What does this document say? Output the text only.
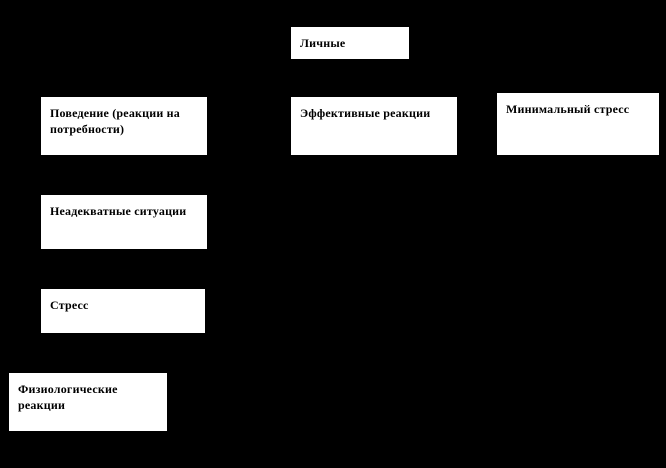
Личные
Поведение (реакции на потребности)
Эффективные реакции	Минимальный стресс
Неадекватные ситуации
Стресс
Физиологические реакции
